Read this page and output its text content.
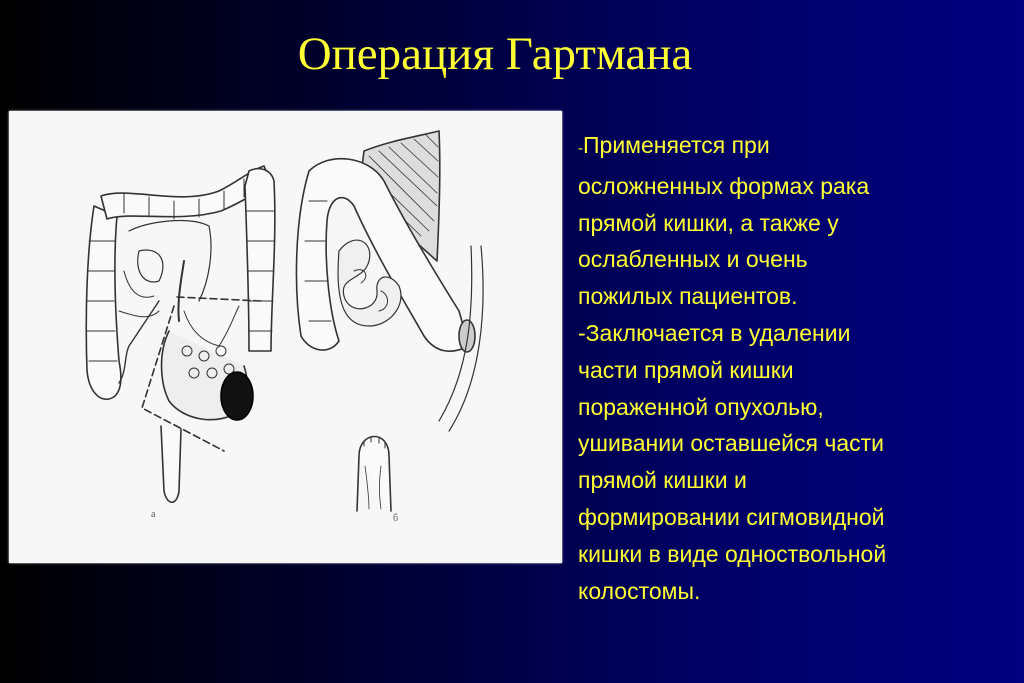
Операция Гартмана
а	б
-Применяется при
осложненных формах рака
прямой кишки, а также у
ослабленных и очень
пожилых пациентов.
-Заключается в удалении
части прямой кишки
пораженной опухолью,
ушивании оставшейся части
прямой кишки и
формировании сигмовидной
кишки в виде одноствольной
колостомы.
